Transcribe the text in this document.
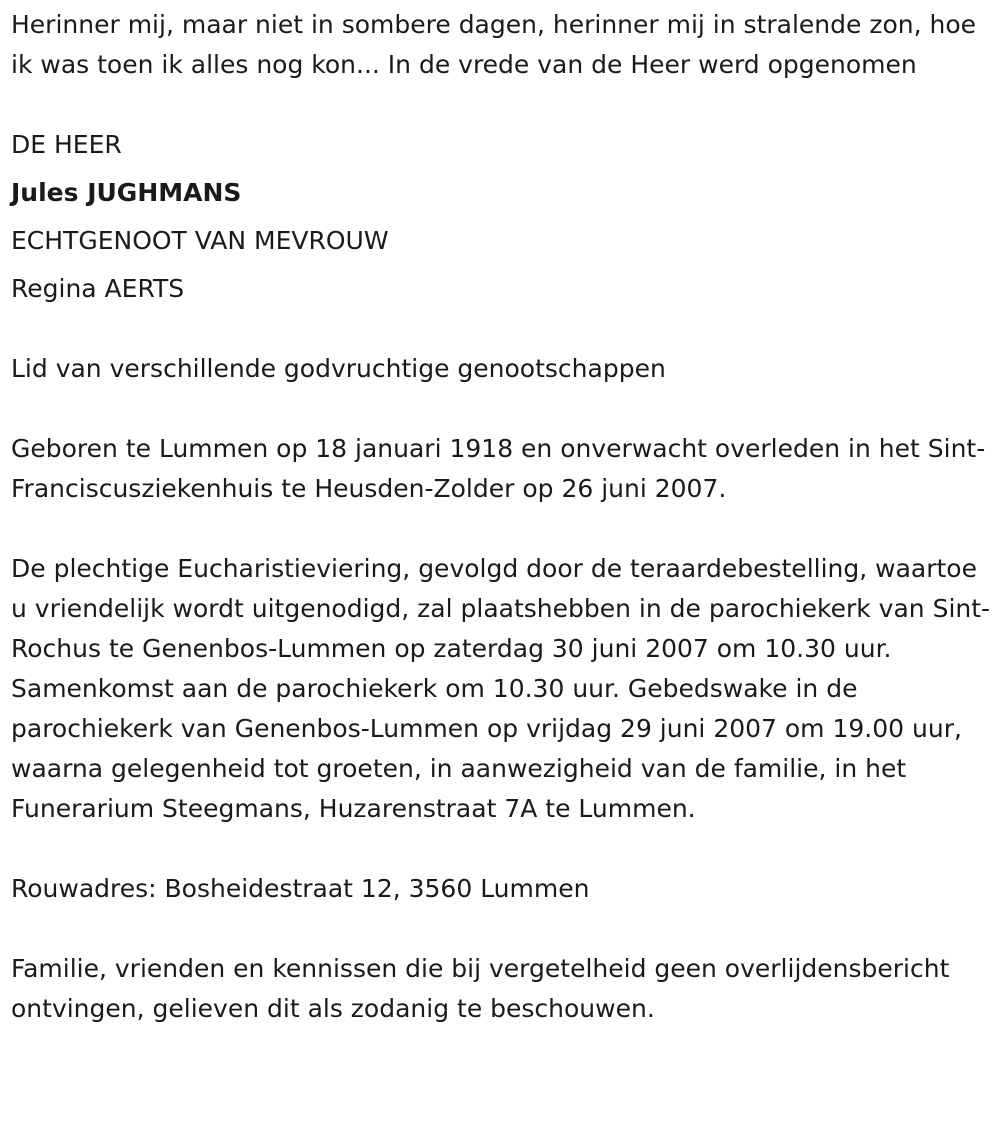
Herinner mij, maar niet in sombere dagen, herinner mij in stralende zon, hoe ik was toen ik alles nog kon... In de vrede van de Heer werd opgenomen

DE HEER

Jules JUGHMANS

ECHTGENOOT VAN MEVROUW

Regina AERTS

Lid van verschillende godvruchtige genootschappen

Geboren te Lummen op 18 januari 1918 en onverwacht overleden in het Sint-Franciscusziekenhuis te Heusden-Zolder op 26 juni 2007.

De plechtige Eucharistieviering, gevolgd door de teraardebestelling, waartoe u vriendelijk wordt uitgenodigd, zal plaatshebben in de parochiekerk van Sint-Rochus te Genenbos-Lummen op zaterdag 30 juni 2007 om 10.30 uur. Samenkomst aan de parochiekerk om 10.30 uur. Gebedswake in de parochiekerk van Genenbos-Lummen op vrijdag 29 juni 2007 om 19.00 uur, waarna gelegenheid tot groeten, in aanwezigheid van de familie, in het Funerarium Steegmans, Huzarenstraat 7A te Lummen.

Rouwadres: Bosheidestraat 12, 3560 Lummen

Familie, vrienden en kennissen die bij vergetelheid geen overlijdensbericht ontvingen, gelieven dit als zodanig te beschouwen.
